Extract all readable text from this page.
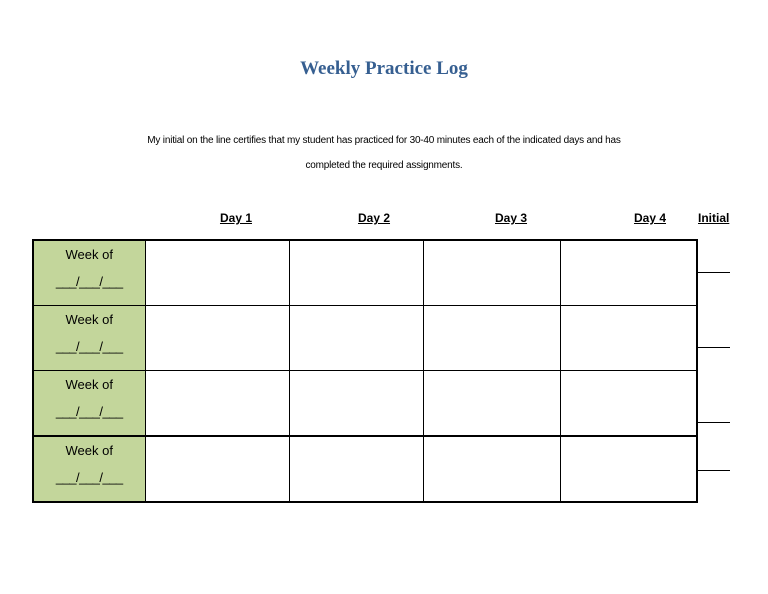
Weekly Practice Log
My initial on the line certifies that my student has practiced for 30-40 minutes each of the indicated days and has
completed the required assignments.
Day 1	Day 2	Day 3	Day 4	Initial
Week of
___/___/___				

Week of
___/___/___				

Week of
___/___/___				

Week of
___/___/___				
